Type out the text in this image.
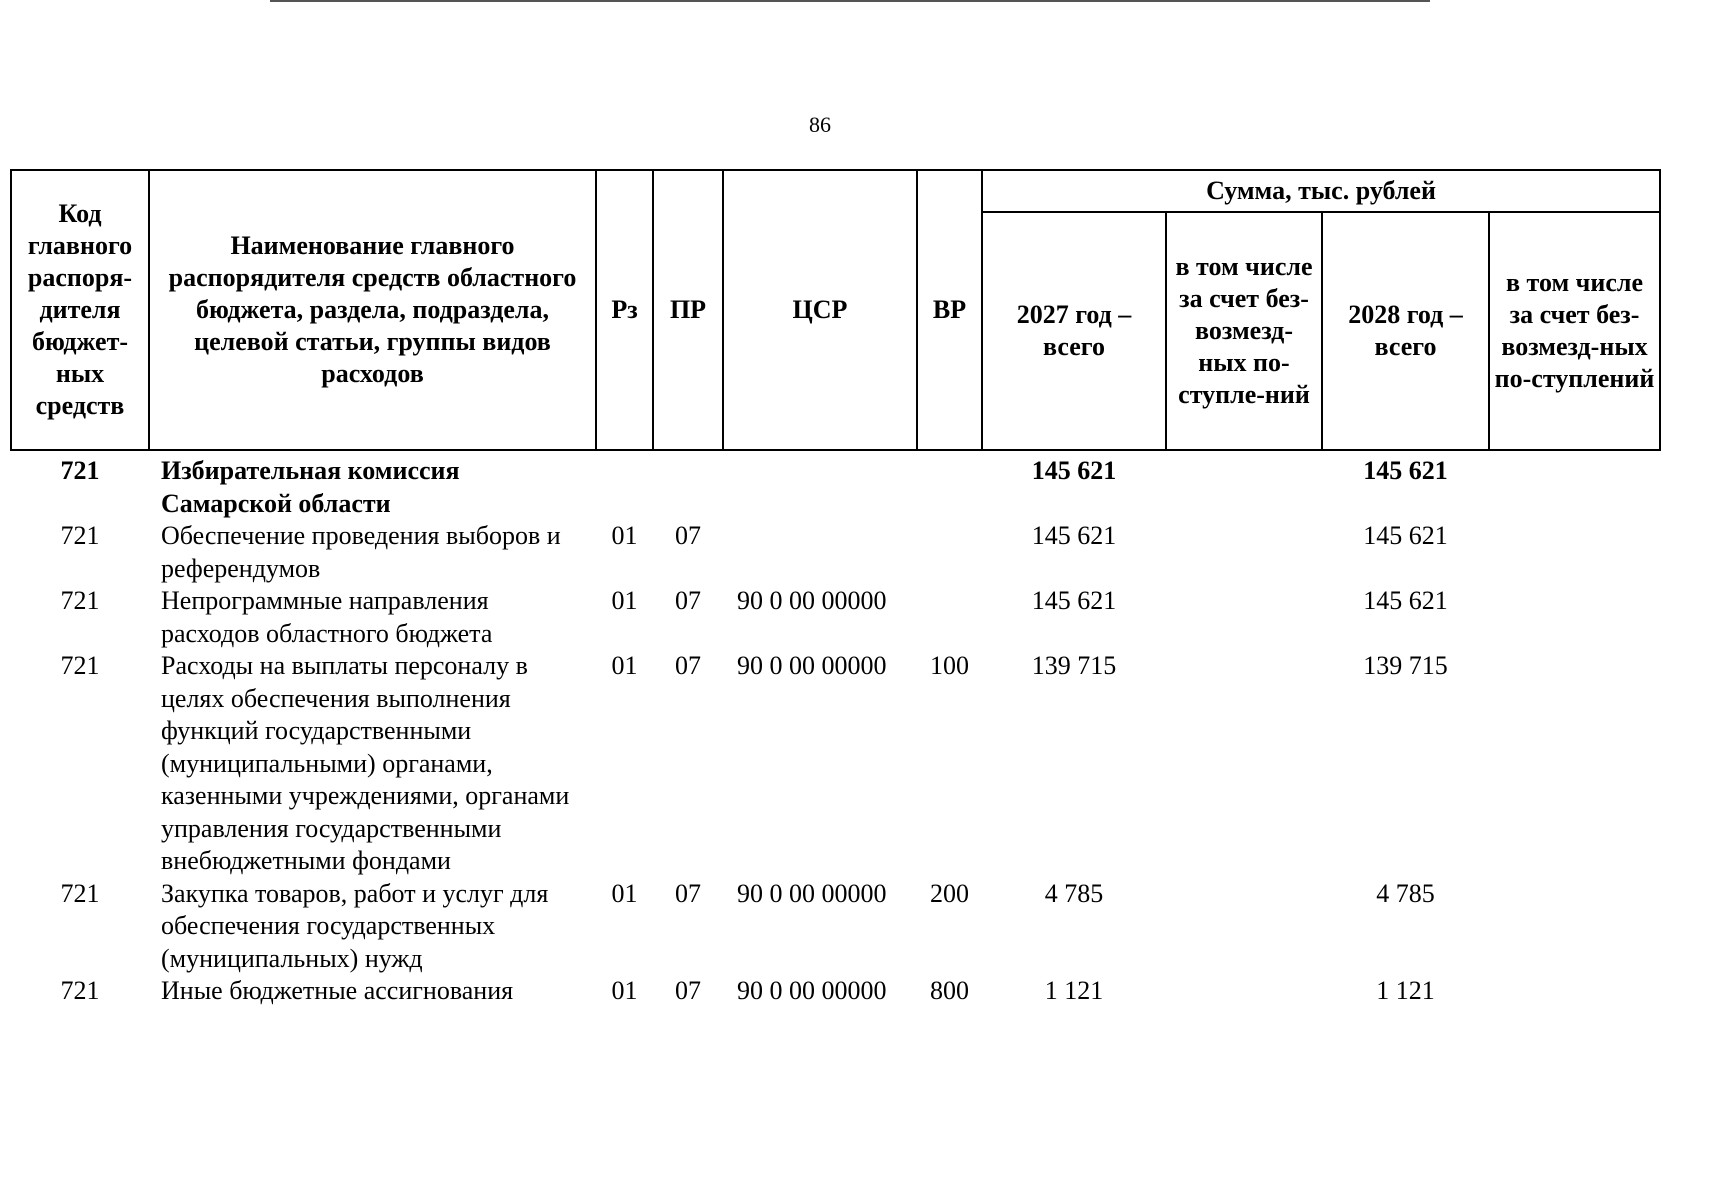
86
Код главного распоря-дителя бюджет-ных средств	Наименование главного распорядителя средств областного бюджета, раздела, подраздела, целевой статьи, группы видов расходов	Рз	ПР	ЦСР	ВР	Сумма, тыс. рублей			
						2027 год – всего	в том числе за счет без-возмезд-ных по-ступле-ний	2028 год – всего	в том числе за счет без-возмезд-ных по-ступлений
721	Избирательная комиссия Самарской области					145 621		145 621	
721	Обеспечение проведения выборов и референдумов	01	07			145 621		145 621	
721	Непрограммные направления расходов областного бюджета	01	07	90 0 00 00000		145 621		145 621	
721	Расходы на выплаты персоналу в целях обеспечения выполнения функций государственными (муниципальными) органами, казенными учреждениями, органами управления государственными внебюджетными фондами	01	07	90 0 00 00000	100	139 715		139 715	
721	Закупка товаров, работ и услуг для обеспечения государственных (муниципальных) нужд	01	07	90 0 00 00000	200	4 785		4 785	
721	Иные бюджетные ассигнования	01	07	90 0 00 00000	800	1 121		1 121	
